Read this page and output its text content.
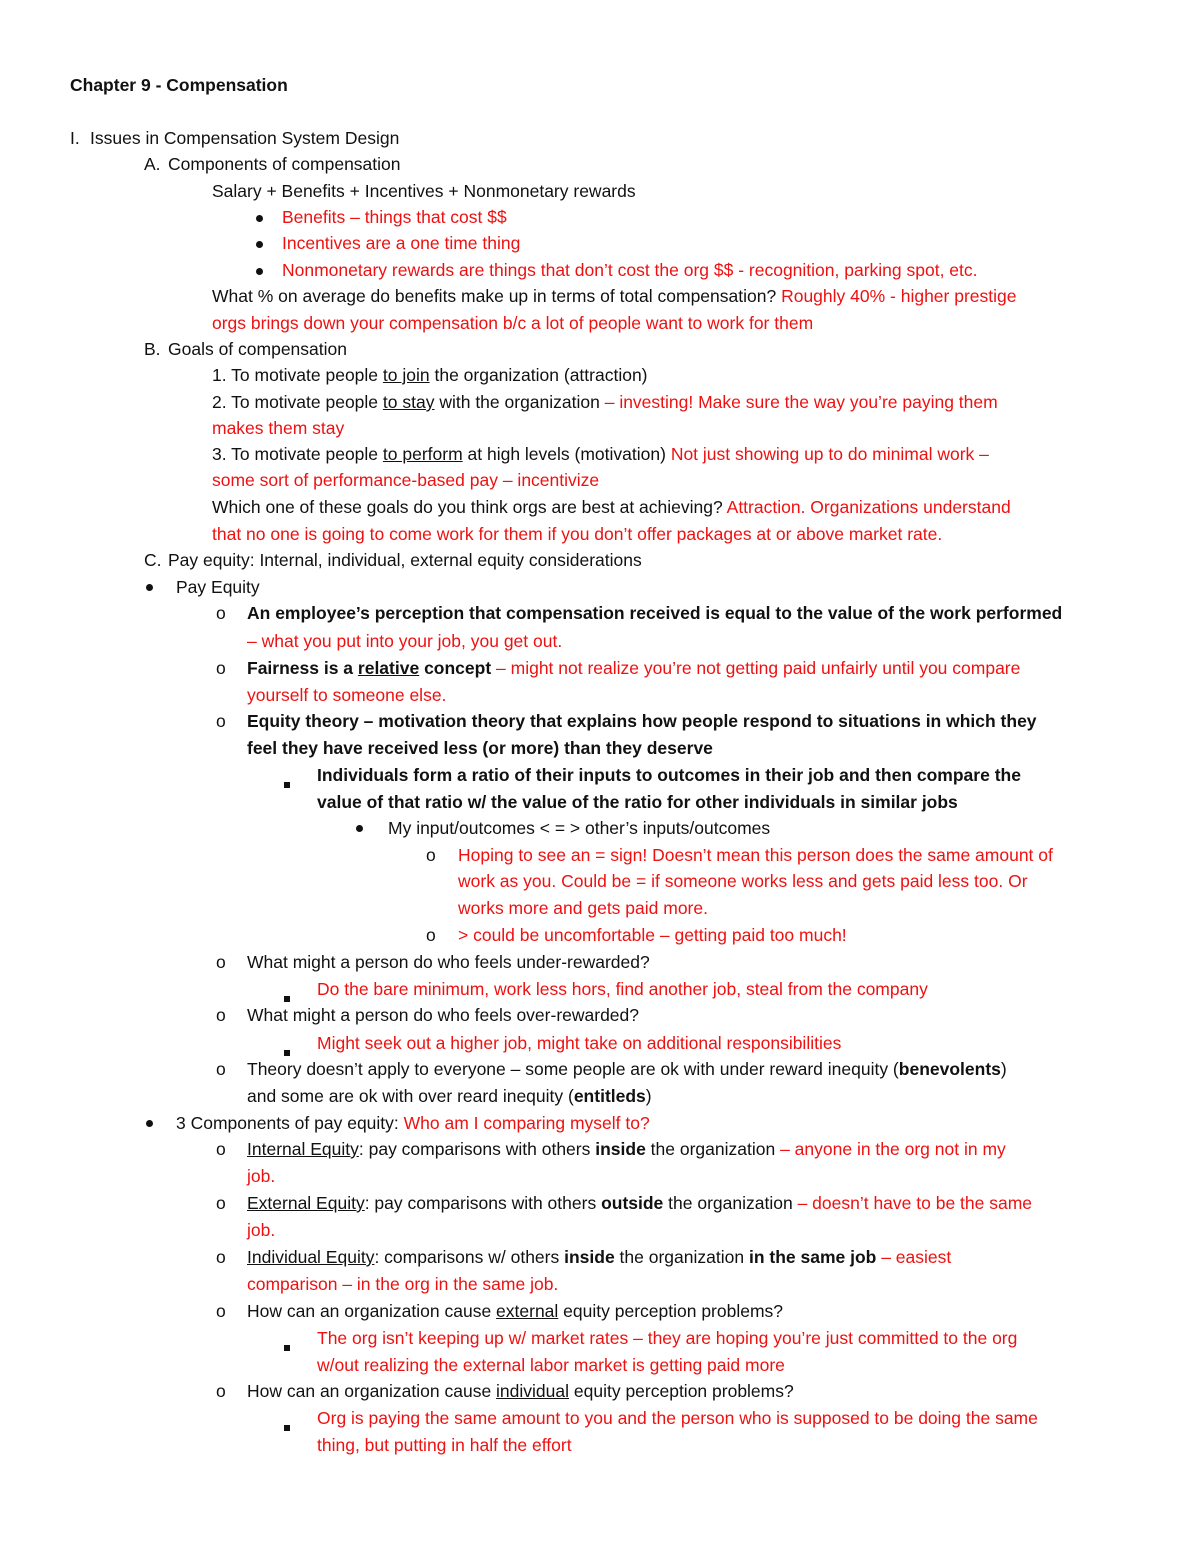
Chapter 9 - Compensation
I. Issues in Compensation System Design
A. Components of compensation
Salary + Benefits + Incentives + Nonmonetary rewards
Benefits – things that cost $$
Incentives are a one time thing
Nonmonetary rewards are things that don’t cost the org $$ - recognition, parking spot, etc.
What % on average do benefits make up in terms of total compensation? Roughly 40% - higher prestige
orgs brings down your compensation b/c a lot of people want to work for them
B. Goals of compensation
1. To motivate people to join the organization (attraction)
2. To motivate people to stay with the organization – investing! Make sure the way you’re paying them
makes them stay
3. To motivate people to perform at high levels (motivation) Not just showing up to do minimal work –
some sort of performance-based pay – incentivize
Which one of these goals do you think orgs are best at achieving? Attraction. Organizations understand
that no one is going to come work for them if you don’t offer packages at or above market rate.
C. Pay equity: Internal, individual, external equity considerations
Pay Equity
o An employee’s perception that compensation received is equal to the value of the work performed
– what you put into your job, you get out.
o Fairness is a relative concept – might not realize you’re not getting paid unfairly until you compare
yourself to someone else.
o Equity theory – motivation theory that explains how people respond to situations in which they
feel they have received less (or more) than they deserve
Individuals form a ratio of their inputs to outcomes in their job and then compare the
value of that ratio w/ the value of the ratio for other individuals in similar jobs
My input/outcomes < = > other’s inputs/outcomes
o Hoping to see an = sign! Doesn’t mean this person does the same amount of
work as you. Could be = if someone works less and gets paid less too. Or
works more and gets paid more.
o > could be uncomfortable – getting paid too much!
o What might a person do who feels under-rewarded?
Do the bare minimum, work less hors, find another job, steal from the company
o What might a person do who feels over-rewarded?
Might seek out a higher job, might take on additional responsibilities
o Theory doesn’t apply to everyone – some people are ok with under reward inequity (benevolents)
and some are ok with over reard inequity (entitleds)
3 Components of pay equity: Who am I comparing myself to?
o Internal Equity: pay comparisons with others inside the organization – anyone in the org not in my
job.
o External Equity: pay comparisons with others outside the organization – doesn’t have to be the same
job.
o Individual Equity: comparisons w/ others inside the organization in the same job – easiest
comparison – in the org in the same job.
o How can an organization cause external equity perception problems?
The org isn’t keeping up w/ market rates – they are hoping you’re just committed to the org
w/out realizing the external labor market is getting paid more
o How can an organization cause individual equity perception problems?
Org is paying the same amount to you and the person who is supposed to be doing the same
thing, but putting in half the effort
